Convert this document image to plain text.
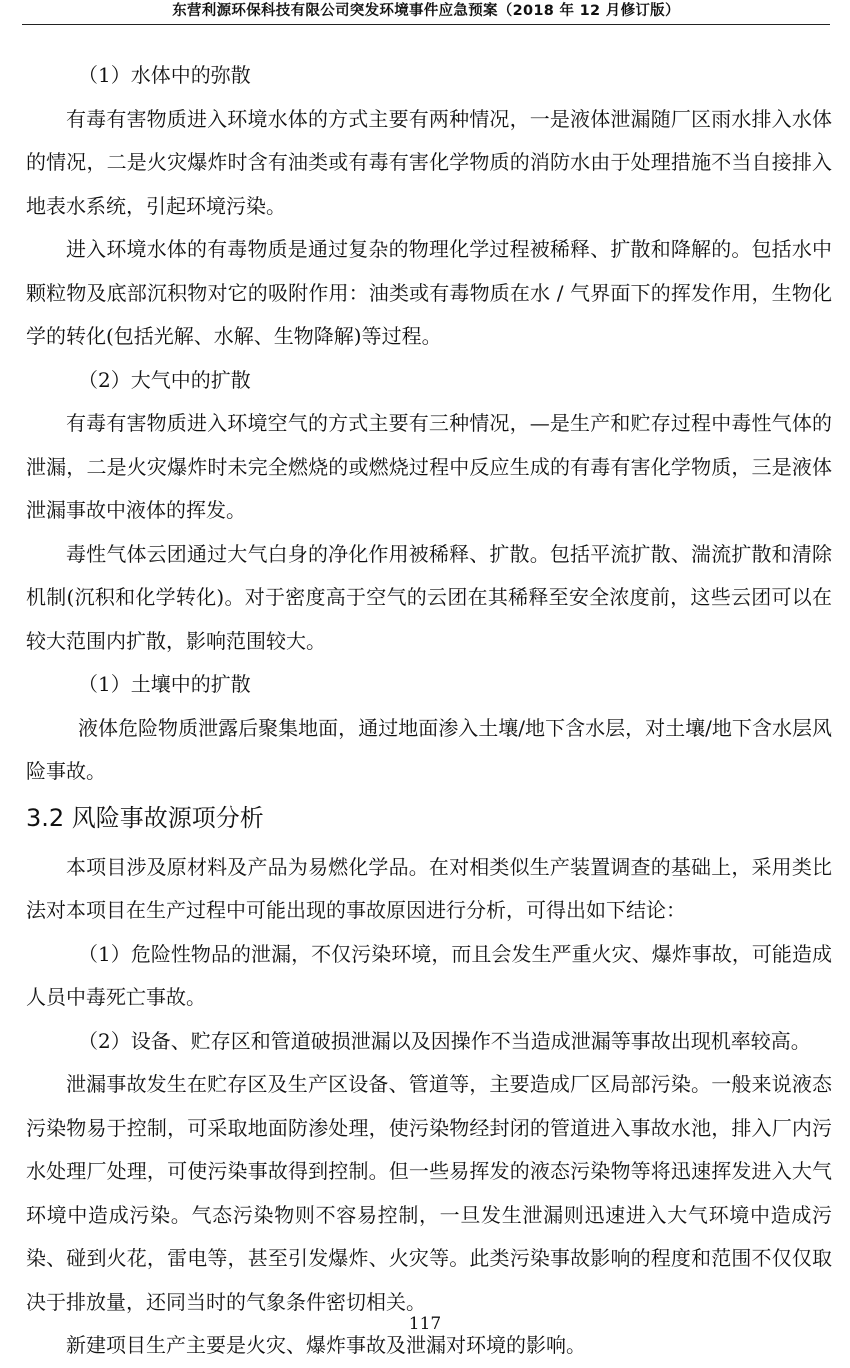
东营利源环保科技有限公司突发环境事件应急预案（2018 年 12 月修订版）

（1）水体中的弥散

有毒有害物质进入环境水体的方式主要有两种情况，一是液体泄漏随厂区雨水排入水体的情况，二是火灾爆炸时含有油类或有毒有害化学物质的消防水由于处理措施不当自接排入地表水系统，引起环境污染。

进入环境水体的有毒物质是通过复杂的物理化学过程被稀释、扩散和降解的。包括水中颗粒物及底部沉积物对它的吸附作用：油类或有毒物质在水 / 气界面下的挥发作用，生物化学的转化(包括光解、水解、生物降解)等过程。

（2）大气中的扩散

有毒有害物质进入环境空气的方式主要有三种情况，—是生产和贮存过程中毒性气体的泄漏，二是火灾爆炸时未完全燃烧的或燃烧过程中反应生成的有毒有害化学物质，三是液体泄漏事故中液体的挥发。

毒性气体云团通过大气白身的净化作用被稀释、扩散。包括平流扩散、湍流扩散和清除机制(沉积和化学转化)。对于密度高于空气的云团在其稀释至安全浓度前，这些云团可以在较大范围内扩散，影响范围较大。

（1）土壤中的扩散

液体危险物质泄露后聚集地面，通过地面渗入土壤/地下含水层，对土壤/地下含水层风险事故。

3.2 风险事故源项分析

本项目涉及原材料及产品为易燃化学品。在对相类似生产装置调查的基础上，采用类比法对本项目在生产过程中可能出现的事故原因进行分析，可得出如下结论：

（1）危险性物品的泄漏，不仅污染环境，而且会发生严重火灾、爆炸事故，可能造成人员中毒死亡事故。

（2）设备、贮存区和管道破损泄漏以及因操作不当造成泄漏等事故出现机率较高。

泄漏事故发生在贮存区及生产区设备、管道等，主要造成厂区局部污染。一般来说液态污染物易于控制，可采取地面防渗处理，使污染物经封闭的管道进入事故水池，排入厂内污水处理厂处理，可使污染事故得到控制。但一些易挥发的液态污染物等将迅速挥发进入大气环境中造成污染。气态污染物则不容易控制，一旦发生泄漏则迅速进入大气环境中造成污染、碰到火花，雷电等，甚至引发爆炸、火灾等。此类污染事故影响的程度和范围不仅仅取决于排放量，还同当时的气象条件密切相关。

新建项目生产主要是火灾、爆炸事故及泄漏对环境的影响。

117
